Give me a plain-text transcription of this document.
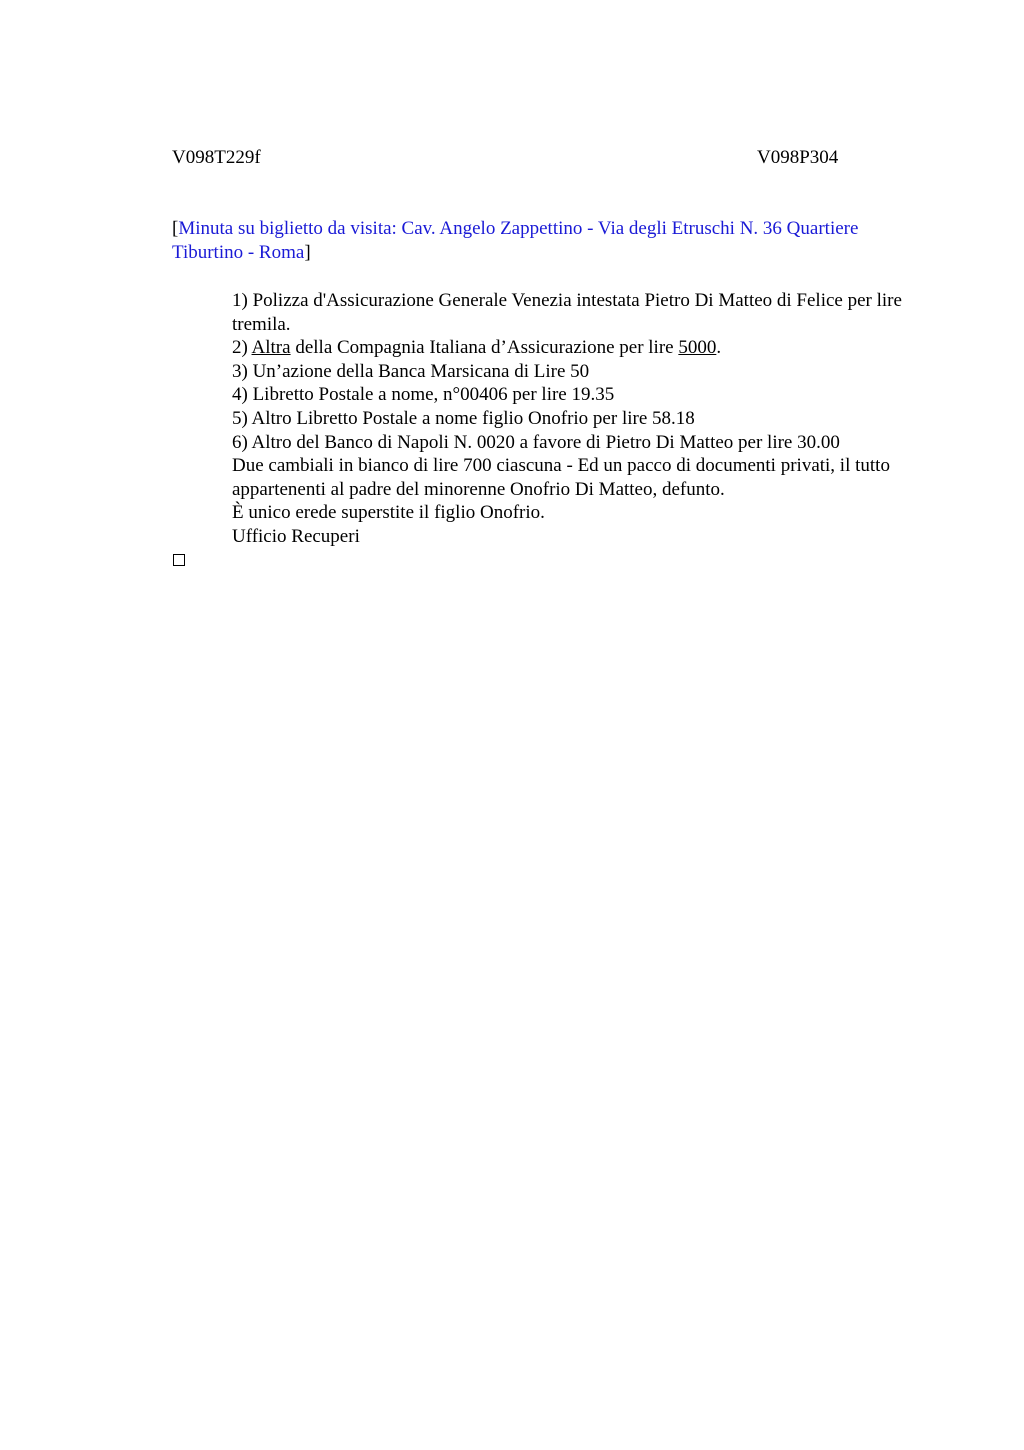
V098T229f	V098P304
[Minuta su biglietto da visita: Cav. Angelo Zappettino - Via degli Etruschi N. 36 Quartiere Tiburtino - Roma]
1) Polizza d'Assicurazione Generale Venezia intestata Pietro Di Matteo di Felice per lire tremila.
2) Altra della Compagnia Italiana d’Assicurazione per lire 5000.
3) Un’azione della Banca Marsicana di Lire 50
4) Libretto Postale a nome, n°00406 per lire 19.35
5) Altro Libretto Postale a nome figlio Onofrio per lire 58.18
6) Altro del Banco di Napoli N. 0020 a favore di Pietro Di Matteo per lire 30.00
Due cambiali in bianco di lire 700 ciascuna - Ed un pacco di documenti privati, il tutto appartenenti al padre del minorenne Onofrio Di Matteo, defunto.
È unico erede superstite il figlio Onofrio.
Ufficio Recuperi
